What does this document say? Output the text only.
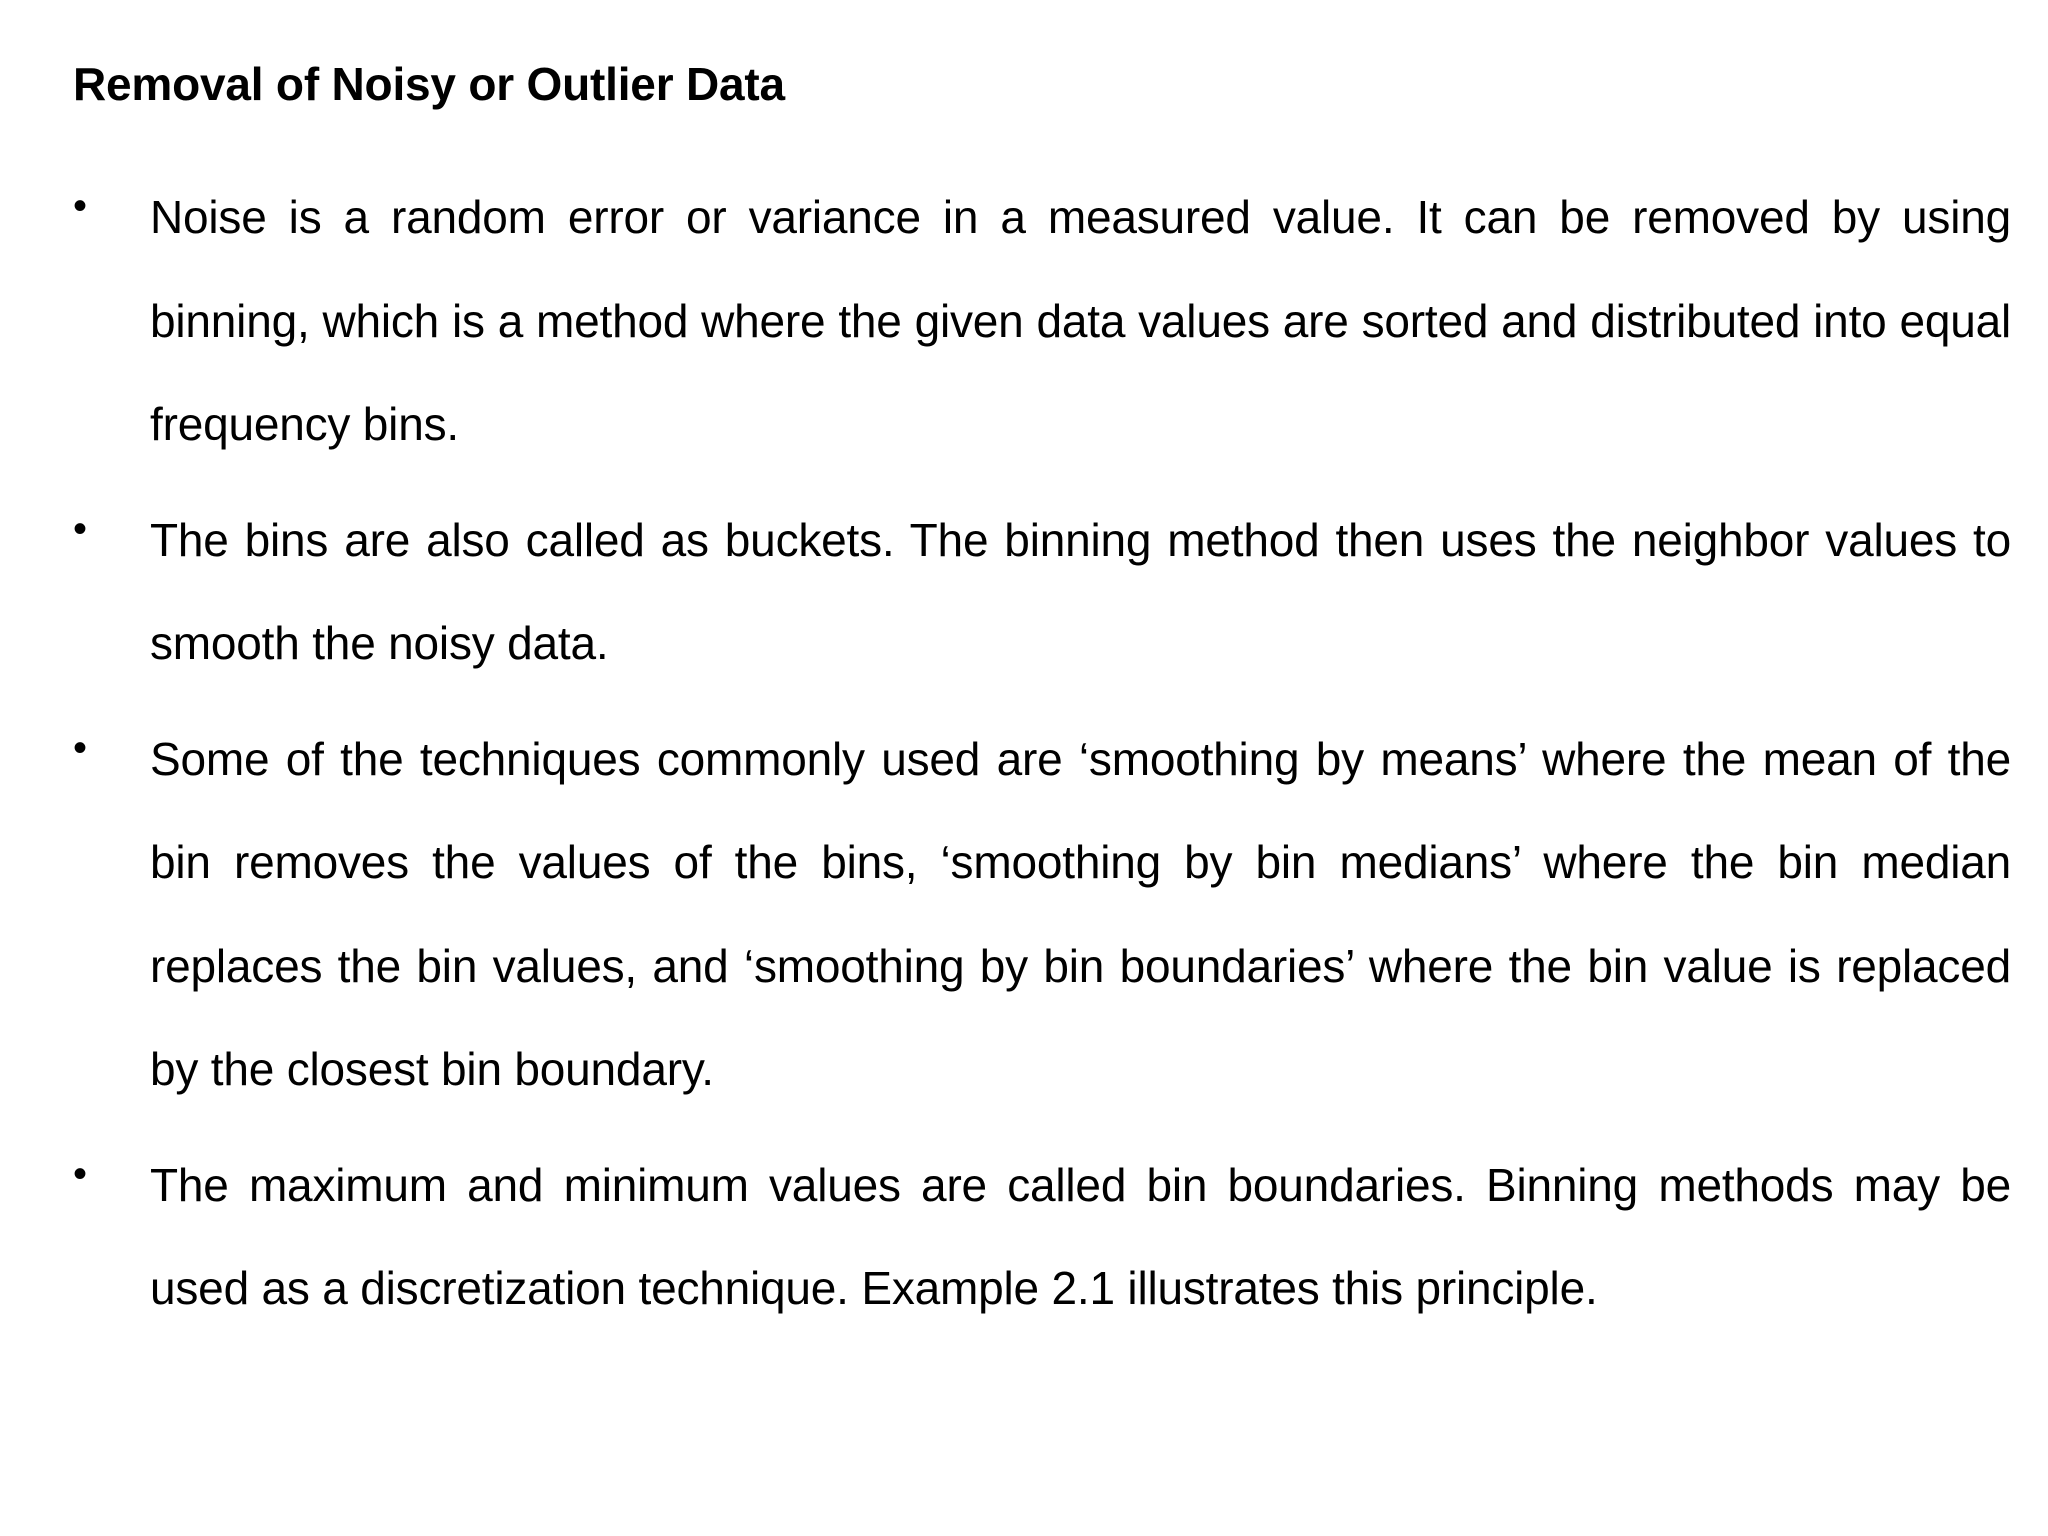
Removal of Noisy or Outlier Data
• Noise is a random error or variance in a measured value. It can be removed by using binning, which is a method where the given data values are sorted and distributed into equal frequency bins.
• The bins are also called as buckets. The binning method then uses the neighbor values to smooth the noisy data.
• Some of the techniques commonly used are ‘smoothing by means’ where the mean of the bin removes the values of the bins, ‘smoothing by bin medians’ where the bin median replaces the bin values, and ‘smoothing by bin boundaries’ where the bin value is replaced by the closest bin boundary.
• The maximum and minimum values are called bin boundaries. Binning methods may be used as a discretization technique. Example 2.1 illustrates this principle.
